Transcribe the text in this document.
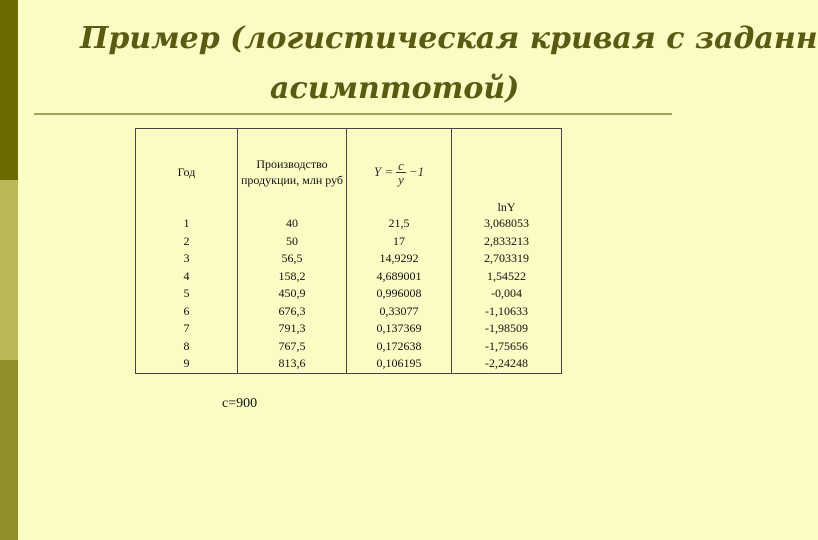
Пример (логистическая кривая с заданн
асимптотой)
Год	Производство продукции, млн руб	$Y = \frac{c}{y} -1$	lnY
1	40	21,5	3,068053
2	50	17	2,833213
3	56,5	14,9292	2,703319
4	158,2	4,689001	1,54522
5	450,9	0,996008	-0,004
6	676,3	0,33077	-1,10633
7	791,3	0,137369	-1,98509
8	767,5	0,172638	-1,75656
9	813,6	0,106195	-2,24248
c=900
